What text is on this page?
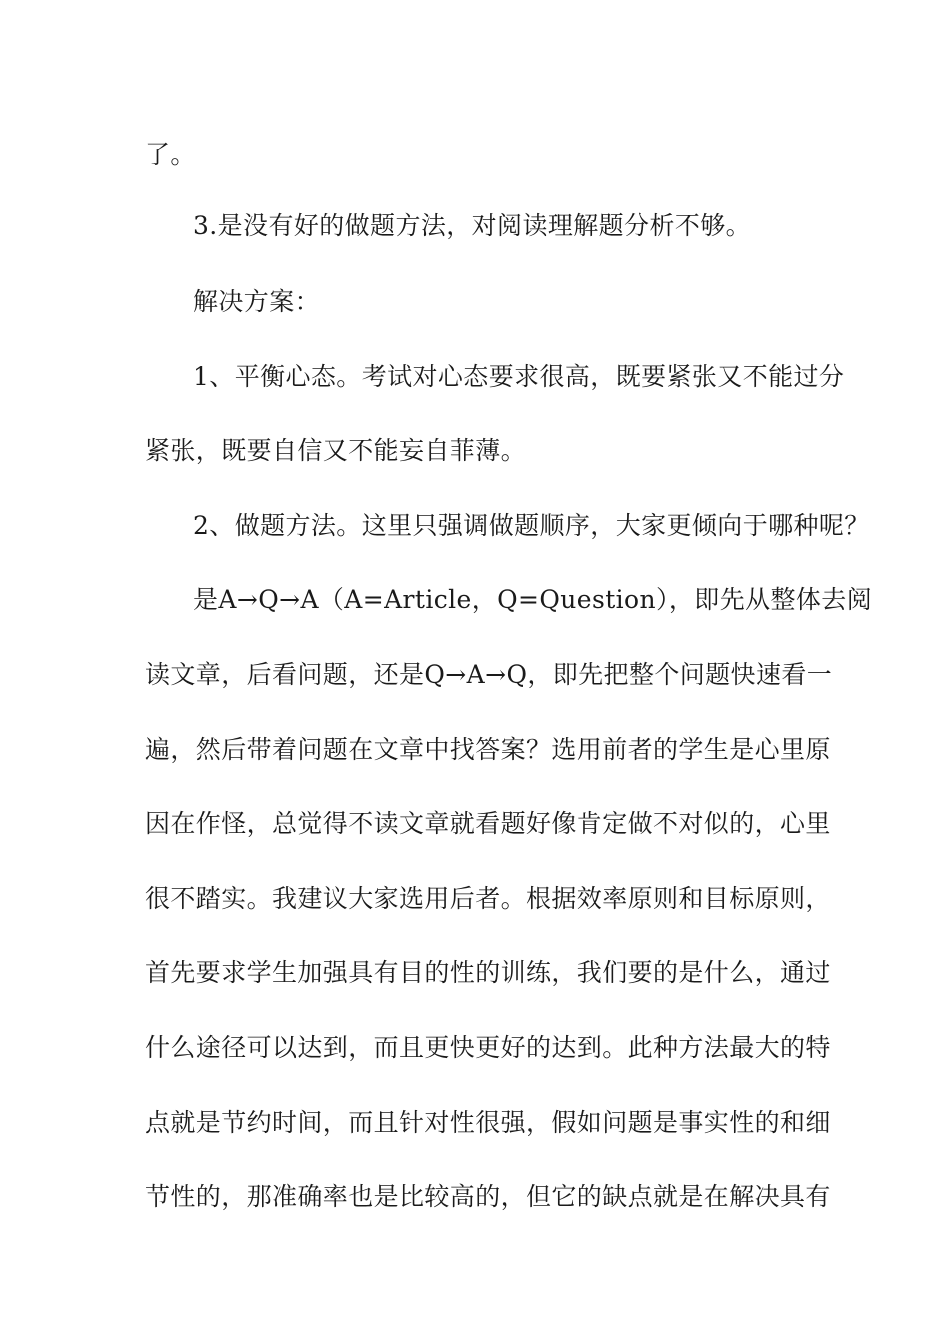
了。
3.是没有好的做题方法，对阅读理解题分析不够。
解决方案：
1、平衡心态。考试对心态要求很高，既要紧张又不能过分
紧张，既要自信又不能妄自菲薄。
2、做题方法。这里只强调做题顺序，大家更倾向于哪种呢？
是A→Q→A（A=Article，Q=Question），即先从整体去阅
读文章，后看问题，还是Q→A→Q，即先把整个问题快速看一
遍，然后带着问题在文章中找答案？选用前者的学生是心里原
因在作怪，总觉得不读文章就看题好像肯定做不对似的，心里
很不踏实。我建议大家选用后者。根据效率原则和目标原则，
首先要求学生加强具有目的性的训练，我们要的是什么，通过
什么途径可以达到，而且更快更好的达到。此种方法最大的特
点就是节约时间，而且针对性很强，假如问题是事实性的和细
节性的，那准确率也是比较高的，但它的缺点就是在解决具有
